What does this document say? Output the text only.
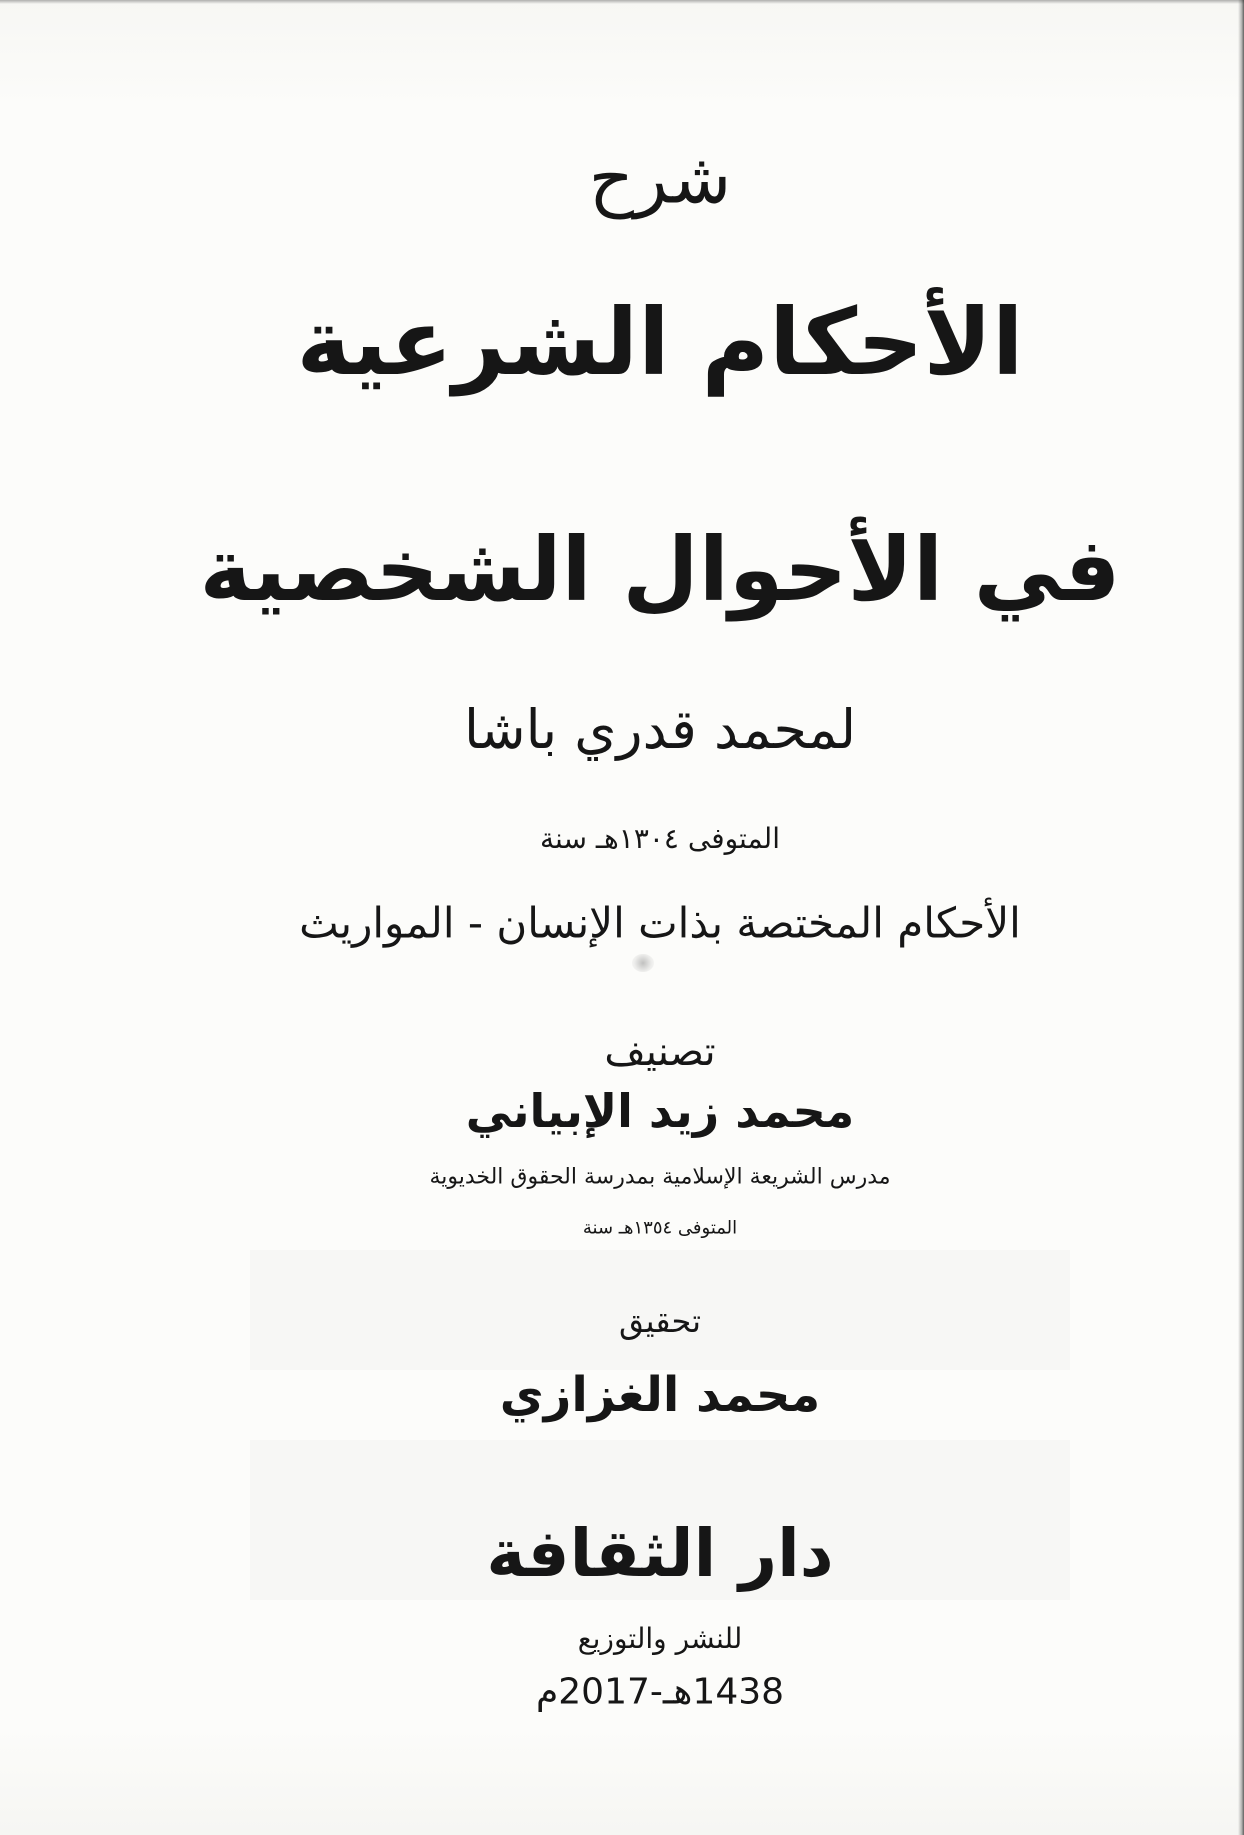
شرح
الأحكام الشرعية
في الأحوال الشخصية
لمحمد قدري باشا
المتوفى ١٣٠٤هـ سنة
الأحكام المختصة بذات الإنسان - المواريث
تصنيف
محمد زيد الإبياني
مدرس الشريعة الإسلامية بمدرسة الحقوق الخديوية
المتوفى ١٣٥٤هـ سنة
تحقيق
محمد الغزازي
دار الثقافة
للنشر والتوزيع
1438هـ-2017م
